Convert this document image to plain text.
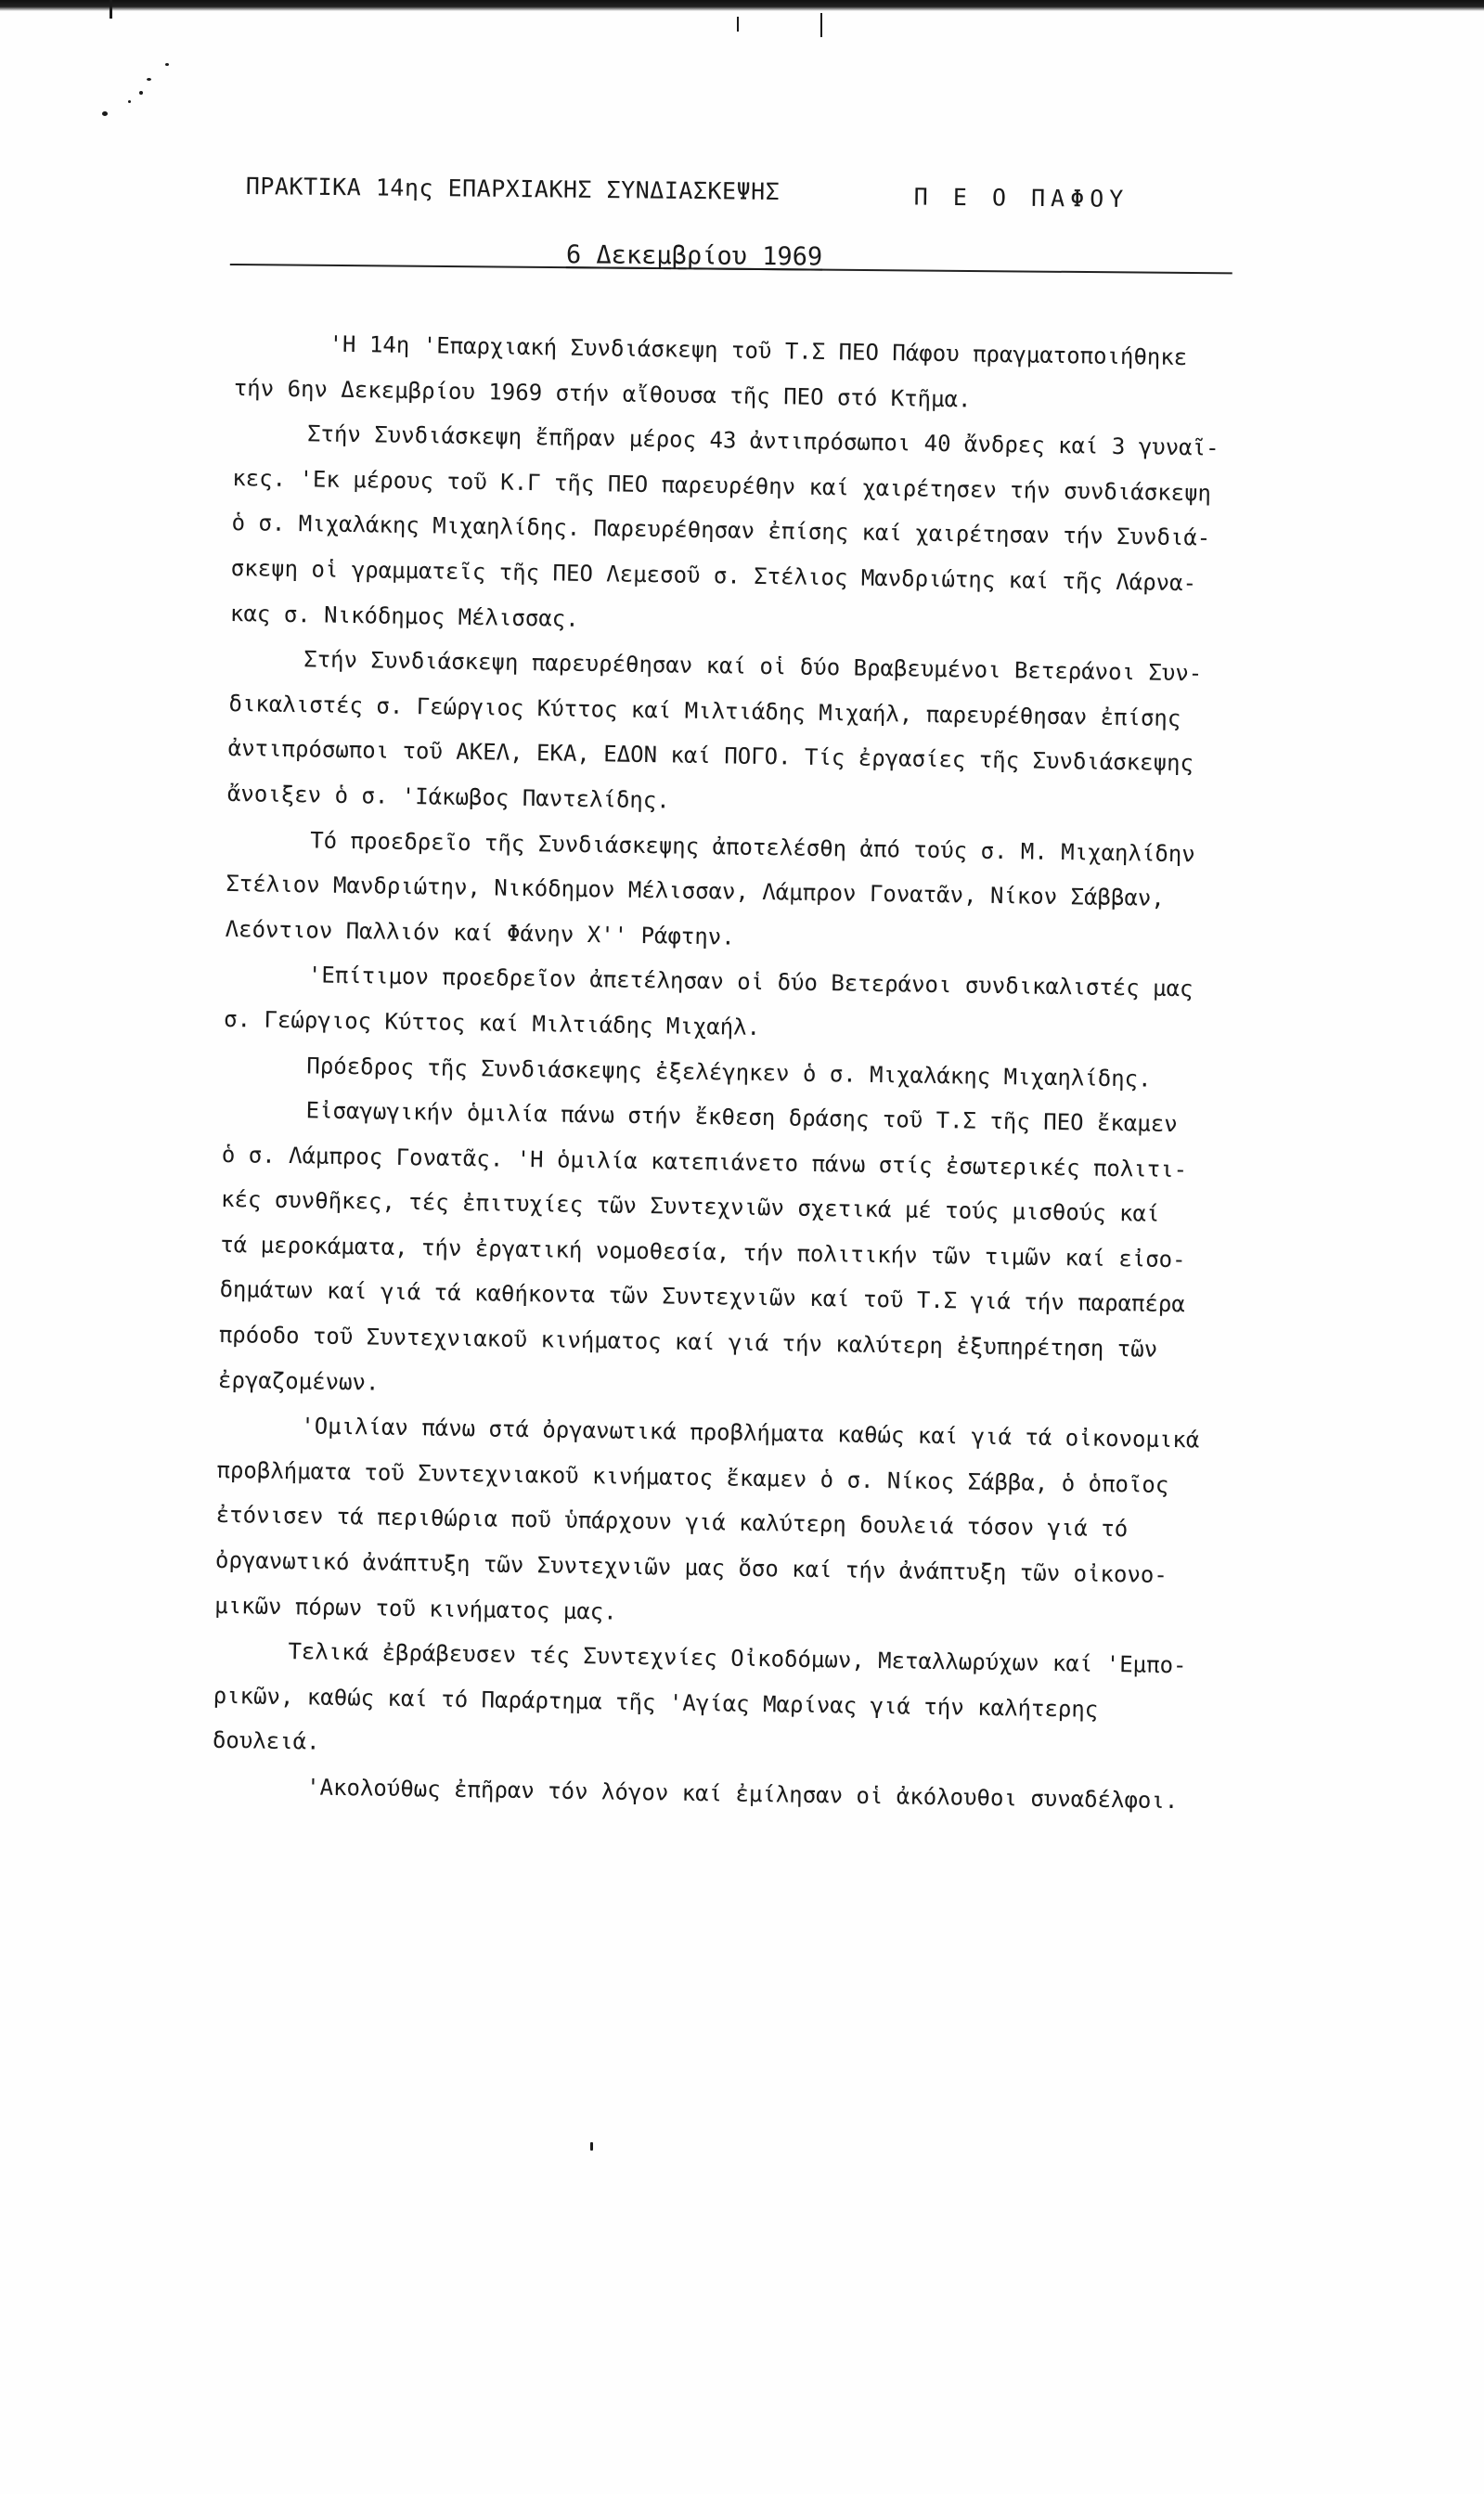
ΠΡΑΚΤΙΚΑ 14ης ΕΠΑΡΧΙΑΚΗΣ ΣΥΝΔΙΑΣΚΕΨΗΣ	Π Ε Ο ΠΑΦΟΥ
6 Δεκεμβρίου 1969
'Η 14η 'Επαρχιακή Συνδιάσκεψη τοῦ Τ.Σ ΠΕΟ Πάφου πραγματοποιήθηκε
τήν 6ην Δεκεμβρίου 1969 στήν αἴθουσα τῆς ΠΕΟ στό Κτῆμα.
Στήν Συνδιάσκεψη ἔπῆραν μέρος 43 ἀντιπρόσωποι 40 ἄνδρες καί 3 γυναῖ-
κες. 'Εκ μέρους τοῦ Κ.Γ τῆς ΠΕΟ παρευρέθην καί χαιρέτησεν τήν συνδιάσκεψη
ὁ σ. Μιχαλάκης Μιχαηλίδης. Παρευρέθησαν ἐπίσης καί χαιρέτησαν τήν Συνδιά-
σκεψη οἱ γραμματεῖς τῆς ΠΕΟ Λεμεσοῦ σ. Στέλιος Μανδριώτης καί τῆς Λάρνα-
κας σ. Νικόδημος Μέλισσας.
Στήν Συνδιάσκεψη παρευρέθησαν καί οἱ δύο Βραβευμένοι Βετεράνοι Συν-
δικαλιστές σ. Γεώργιος Κύττος καί Μιλτιάδης Μιχαήλ, παρευρέθησαν ἐπίσης
ἀντιπρόσωποι τοῦ ΑΚΕΛ, ΕΚΑ, ΕΔΟΝ καί ΠΟΓΟ. Τίς ἐργασίες τῆς Συνδιάσκεψης
ἄνοιξεν ὁ σ. 'Ιάκωβος Παντελίδης.
Τό προεδρεῖο τῆς Συνδιάσκεψης ἀποτελέσθη ἀπό τούς σ. Μ. Μιχαηλίδην
Στέλιον Μανδριώτην, Νικόδημον Μέλισσαν, Λάμπρον Γονατᾶν, Νίκον Σάββαν,
Λεόντιον Παλλιόν καί Φάνην Χ'' Ράφτην.
'Επίτιμον προεδρεῖον ἀπετέλησαν οἱ δύο Βετεράνοι συνδικαλιστές μας
σ. Γεώργιος Κύττος καί Μιλτιάδης Μιχαήλ.
Πρόεδρος τῆς Συνδιάσκεψης ἐξελέγηκεν ὁ σ. Μιχαλάκης Μιχαηλίδης.
Εἰσαγωγικήν ὁμιλία πάνω στήν ἔκθεση δράσης τοῦ Τ.Σ τῆς ΠΕΟ ἔκαμεν
ὁ σ. Λάμπρος Γονατᾶς. 'Η ὁμιλία κατεπιάνετο πάνω στίς ἐσωτερικές πολιτι-
κές συνθῆκες, τές ἐπιτυχίες τῶν Συντεχνιῶν σχετικά μέ τούς μισθούς καί
τά μεροκάματα, τήν ἐργατική νομοθεσία, τήν πολιτικήν τῶν τιμῶν καί εἰσο-
δημάτων καί γιά τά καθήκοντα τῶν Συντεχνιῶν καί τοῦ Τ.Σ γιά τήν παραπέρα
πρόοδο τοῦ Συντεχνιακοῦ κινήματος καί γιά τήν καλύτερη ἐξυπηρέτηση τῶν
ἐργαζομένων.
'Ομιλίαν πάνω στά ὀργανωτικά προβλήματα καθώς καί γιά τά οἰκονομικά
προβλήματα τοῦ Συντεχνιακοῦ κινήματος ἔκαμεν ὁ σ. Νίκος Σάββα, ὁ ὁποῖος
ἐτόνισεν τά περιθώρια ποῦ ὑπάρχουν γιά καλύτερη δουλειά τόσον γιά τό
ὀργανωτικό ἀνάπτυξη τῶν Συντεχνιῶν μας ὅσο καί τήν ἀνάπτυξη τῶν οἰκονο-
μικῶν πόρων τοῦ κινήματος μας.
Τελικά ἐβράβευσεν τές Συντεχνίες Οἰκοδόμων, Μεταλλωρύχων καί 'Εμπο-
ρικῶν, καθώς καί τό Παράρτημα τῆς 'Αγίας Μαρίνας γιά τήν καλήτερης
δουλειά.
'Ακολούθως ἐπῆραν τόν λόγον καί ἐμίλησαν οἱ ἀκόλουθοι συναδέλφοι.
